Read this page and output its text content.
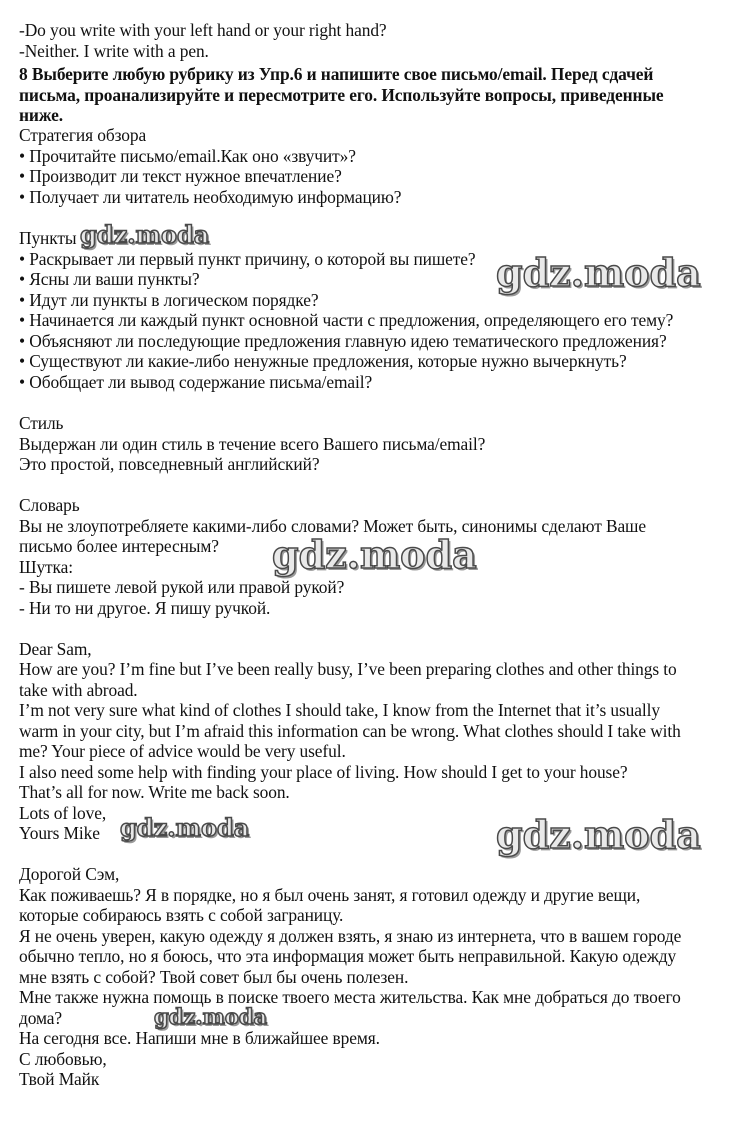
-Do you write with your left hand or your right hand?
-Neither. I write with a pen.
8 Выберите любую рубрику из Упр.6 и напишите свое письмо/email. Перед сдачей
письма, проанализируйте и пересмотрите его. Используйте вопросы, приведенные
ниже.
Стратегия обзора
• Прочитайте письмо/email.Как оно «звучит»?
• Производит ли текст нужное впечатление?
• Получает ли читатель необходимую информацию?
Пункты
• Раскрывает ли первый пункт причину, о которой вы пишете?
• Ясны ли ваши пункты?
• Идут ли пункты в логическом порядке?
• Начинается ли каждый пункт основной части с предложения, определяющего его тему?
• Объясняют ли последующие предложения главную идею тематического предложения?
• Существуют ли какие-либо ненужные предложения, которые нужно вычеркнуть?
• Обобщает ли вывод содержание письма/email?
Стиль
Выдержан ли один стиль в течение всего Вашего письма/email?
Это простой, повседневный английский?
Словарь
Вы не злоупотребляете какими-либо словами? Может быть, синонимы сделают Ваше
письмо более интересным?
Шутка:
- Вы пишете левой рукой или правой рукой?
- Ни то ни другое. Я пишу ручкой.
Dear Sam,
How are you? I’m fine but I’ve been really busy, I’ve been preparing clothes and other things to
take with abroad.
I’m not very sure what kind of clothes I should take, I know from the Internet that it’s usually
warm in your city, but I’m afraid this information can be wrong. What clothes should I take with
me? Your piece of advice would be very useful.
I also need some help with finding your place of living. How should I get to your house?
That’s all for now. Write me back soon.
Lots of love,
Yours Mike
Дорогой Сэм,
Как поживаешь? Я в порядке, но я был очень занят, я готовил одежду и другие вещи,
которые собираюсь взять с собой заграницу.
Я не очень уверен, какую одежду я должен взять, я знаю из интернета, что в вашем городе
обычно тепло, но я боюсь, что эта информация может быть неправильной. Какую одежду
мне взять с собой? Твой совет был бы очень полезен.
Мне также нужна помощь в поиске твоего места жительства. Как мне добраться до твоего
дома?
На сегодня все. Напиши мне в ближайшее время.
С любовью,
Твой Майк
gdz.moda
gdz.moda
gdz.moda
gdz.moda	gdz.moda
gdz.moda
